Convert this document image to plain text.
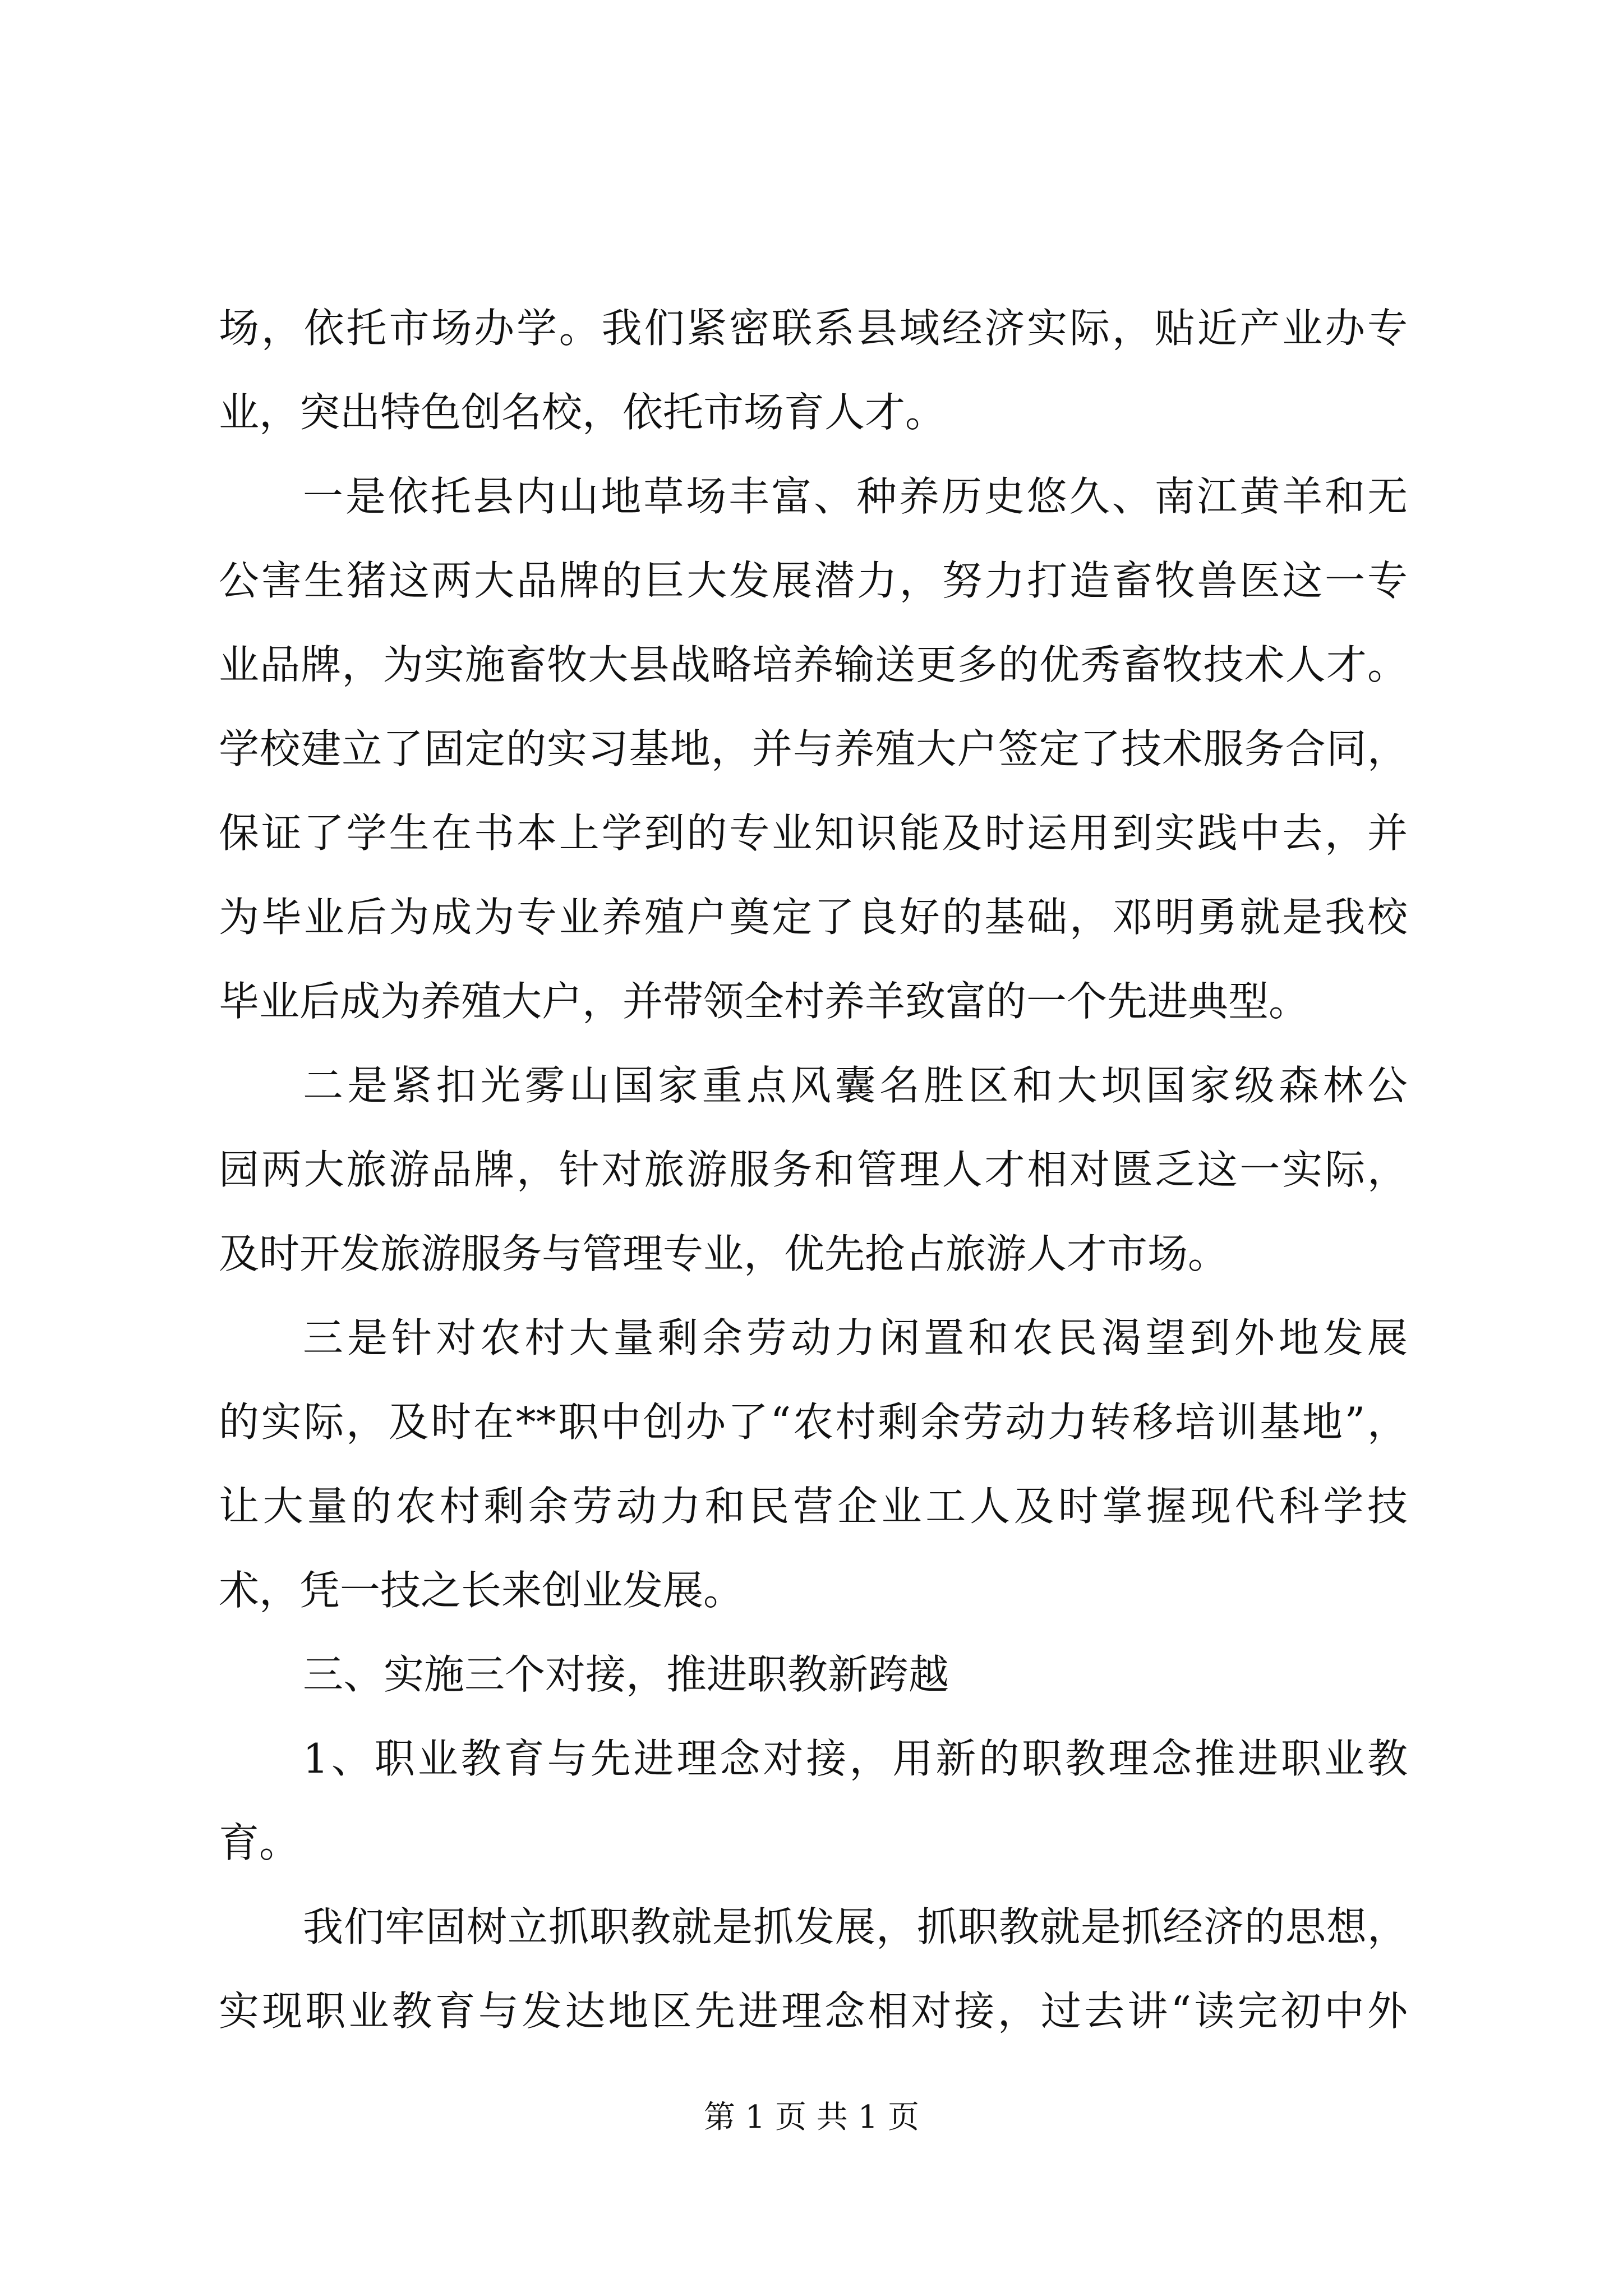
场，依托市场办学。我们紧密联系县域经济实际，贴近产业办专
业，突出特色创名校，依托市场育人才。
一是依托县内山地草场丰富、种养历史悠久、南江黄羊和无
公害生猪这两大品牌的巨大发展潜力，努力打造畜牧兽医这一专
业品牌，为实施畜牧大县战略培养输送更多的优秀畜牧技术人才。
学校建立了固定的实习基地，并与养殖大户签定了技术服务合同，
保证了学生在书本上学到的专业知识能及时运用到实践中去，并
为毕业后为成为专业养殖户奠定了良好的基础，邓明勇就是我校
毕业后成为养殖大户，并带领全村养羊致富的一个先进典型。
二是紧扣光雾山国家重点风囊名胜区和大坝国家级森林公
园两大旅游品牌，针对旅游服务和管理人才相对匮乏这一实际，
及时开发旅游服务与管理专业，优先抢占旅游人才市场。
三是针对农村大量剩余劳动力闲置和农民渴望到外地发展
的实际，及时在**职中创办了“农村剩余劳动力转移培训基地”，
让大量的农村剩余劳动力和民营企业工人及时掌握现代科学技
术，凭一技之长来创业发展。
三、实施三个对接，推进职教新跨越
1、职业教育与先进理念对接，用新的职教理念推进职业教
育。
我们牢固树立抓职教就是抓发展，抓职教就是抓经济的思想，
实现职业教育与发达地区先进理念相对接，过去讲“读完初中外
第 1 页 共 1 页
